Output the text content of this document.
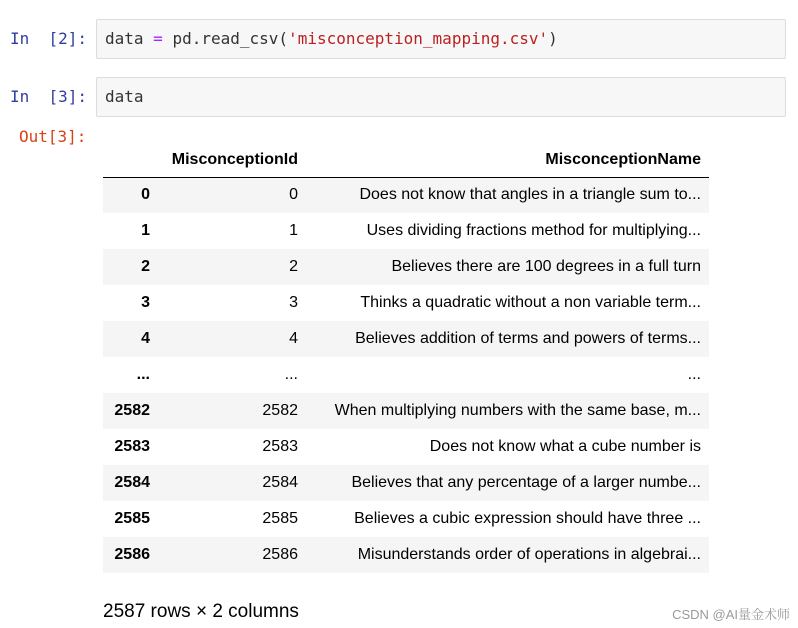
In  [2]:	data = pd.read_csv('misconception_mapping.csv')
In  [3]:	data
Out[3]:
	MisconceptionId	MisconceptionName
0	0	Does not know that angles in a triangle sum to...
1	1	Uses dividing fractions method for multiplying...
2	2	Believes there are 100 degrees in a full turn
3	3	Thinks a quadratic without a non variable term...
4	4	Believes addition of terms and powers of terms...
...	...	...
2582	2582	When multiplying numbers with the same base, m...
2583	2583	Does not know what a cube number is
2584	2584	Believes that any percentage of a larger numbe...
2585	2585	Believes a cubic expression should have three ...
2586	2586	Misunderstands order of operations in algebrai...
2587 rows × 2 columns	CSDN @AI量金术师
